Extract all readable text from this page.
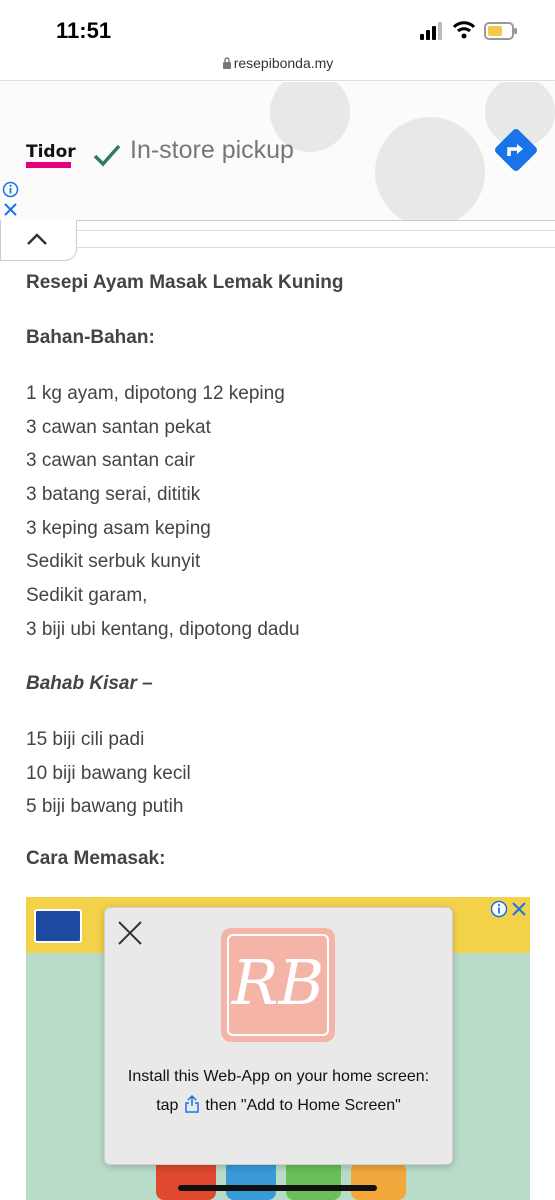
11:51
resepibonda.my
Tidor In-store pickup
Resepi Ayam Masak Lemak Kuning
Bahan-Bahan:
1 kg ayam, dipotong 12 keping
3 cawan santan pekat
3 cawan santan cair
3 batang serai, dititik
3 keping asam keping
Sedikit serbuk kunyit
Sedikit garam,
3 biji ubi kentang, dipotong dadu
Bahab Kisar –
15 biji cili padi
10 biji bawang kecil
5 biji bawang putih
Cara Memasak:
RB
Install this Web-App on your home screen: tap then "Add to Home Screen"
